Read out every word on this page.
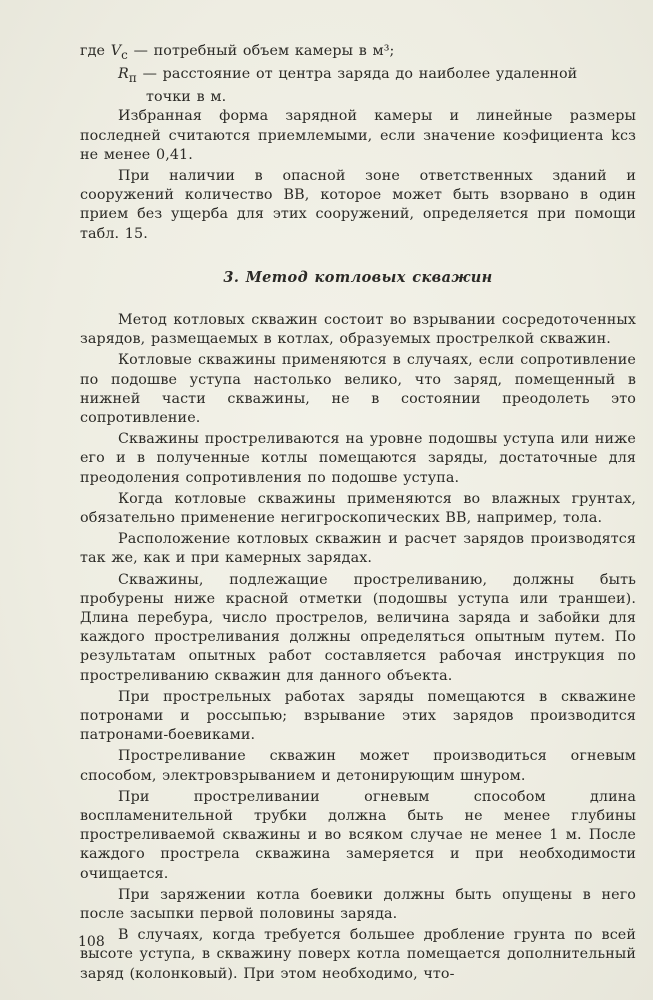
где $V_c$ — потребный объем камеры в м³;
$R_п$ — расстояние от центра заряда до наиболее удаленной
точки в м.

Избранная форма зарядной камеры и линейные размеры последней считаются приемлемыми, если значение коэфициента kсз не менее 0,41.

При наличии в опасной зоне ответственных зданий и сооружений количество ВВ, которое может быть взорвано в один прием без ущерба для этих сооружений, определяется при помощи табл. 15.

3. Метод котловых скважин

Метод котловых скважин состоит во взрывании сосредоточенных зарядов, размещаемых в котлах, образуемых прострелкой скважин.

Котловые скважины применяются в случаях, если сопротивление по подошве уступа настолько велико, что заряд, помещенный в нижней части скважины, не в состоянии преодолеть это сопротивление.

Скважины простреливаются на уровне подошвы уступа или ниже его и в полученные котлы помещаются заряды, достаточные для преодоления сопротивления по подошве уступа.

Когда котловые скважины применяются во влажных грунтах, обязательно применение негигроскопических ВВ, например, тола.

Расположение котловых скважин и расчет зарядов производятся так же, как и при камерных зарядах.

Скважины, подлежащие простреливанию, должны быть пробурены ниже красной отметки (подошвы уступа или траншеи). Длина перебура, число прострелов, величина заряда и забойки для каждого простреливания должны определяться опытным путем. По результатам опытных работ составляется рабочая инструкция по простреливанию скважин для данного объекта.

При прострельных работах заряды помещаются в скважине потронами и россыпью; взрывание этих зарядов производится патронами-боевиками.

Простреливание скважин может производиться огневым способом, электровзрыванием и детонирующим шнуром.

При простреливании огневым способом длина воспламенительной трубки должна быть не менее глубины простреливаемой скважины и во всяком случае не менее 1 м. После каждого прострела скважина замеряется и при необходимости очищается.

При заряжении котла боевики должны быть опущены в него после засыпки первой половины заряда.

В случаях, когда требуется большее дробление грунта по всей высоте уступа, в скважину поверх котла помещается дополнительный заряд (колонковый). При этом необходимо, что-

108
